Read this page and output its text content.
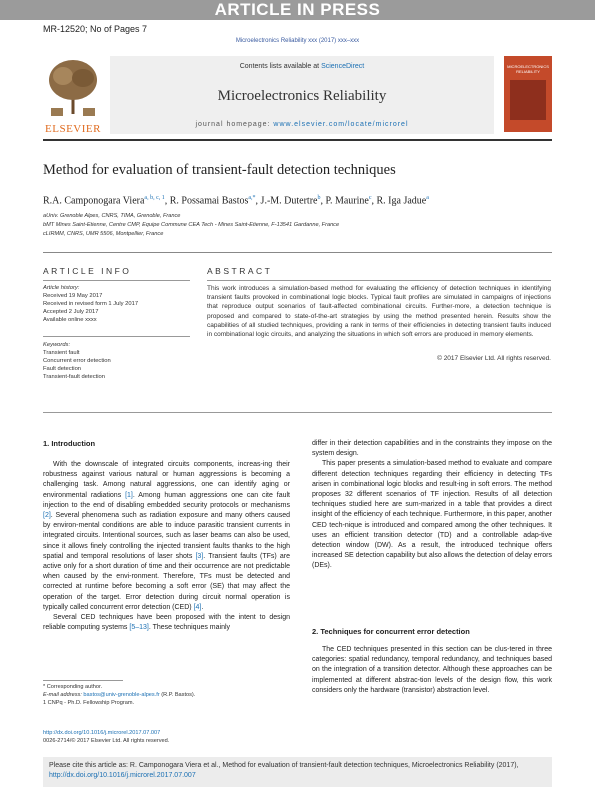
ARTICLE IN PRESS
MR-12520; No of Pages 7
Microelectronics Reliability xxx (2017) xxx–xxx
ELSEVIER
Contents lists available at ScienceDirect
Microelectronics Reliability
journal homepage: www.elsevier.com/locate/microrel
MICROELECTRONICS RELIABILITY
Method for evaluation of transient-fault detection techniques
R.A. Camponogara Viera$^{a, b, c, 1}$, R. Possamai Bastos$^{a,*}$, J.-M. Dutertre$^b$, P. Maurine$^c$, R. Iga Jadue$^a$
aUniv. Grenoble Alpes, CNRS, TIMA, Grenoble, France
bMT Mines Saint-Etienne, Centre CMP, Equipe Commune CEA Tech - Mines Saint-Etienne, F-13541 Gardanne, France
cLIRMM, CNRS, UMR 5506, Montpellier, France
ARTICLE INFO
Article history:
Received 19 May 2017
Received in revised form 1 July 2017
Accepted 2 July 2017
Available online xxxx
Keywords:
Transient fault
Concurrent error detection
Fault detection
Transient-fault detection
ABSTRACT
This work introduces a simulation-based method for evaluating the efficiency of detection techniques in identifying transient faults provoked in combinational logic blocks. Typical fault profiles are simulated in campaigns of injections that reproduce output scenarios of fault-affected combinational circuits. Further-more, a detection technique is proposed and compared to state-of-the-art strategies by using the method presented herein. Results show the capabilities of all studied techniques, providing a rank in terms of their efficiencies in detecting transient faults induced in combinational logic circuits, and analyzing the situations in which soft errors are produced in memory elements.
© 2017 Elsevier Ltd. All rights reserved.
1. Introduction

With the downscale of integrated circuits components, increas-ing their robustness against various natural or human aggressions is becoming a challenging task. Among natural aggressions, one can identify aging or environmental radiations [1]. Among human aggressions one can cite fault injection to the end of disabling embedded security protocols or mechanisms [2]. Several phenomena such as radiation exposure and many others caused by environ-mental conditions are able to induce parasitic transient currents in integrated circuits. Intentional sources, such as laser beams can also be used, since it allows finely controlling the injected transient faults thanks to the high spatial and temporal resolutions of laser shots [3]. Transient faults (TFs) are active only for a short duration of time and their occurrence are not predictable when caused by the envi-ronment. Therefore, TFs must be detected and corrected at runtime before becoming a soft error (SE) that may affect the operation of the target. Error detection during circuit normal operation is typically called concurrent error detection (CED) [4].

Several CED techniques have been proposed with the intent to design reliable computing systems [5–13]. These techniques mainly

differ in their detection capabilities and in the constraints they impose on the system design.

This paper presents a simulation-based method to evaluate and compare different detection techniques regarding their efficiency in detecting TFs arisen in combinational logic blocks and result-ing in soft errors. The method proposes 32 different scenarios of TF injection. Results of all detection techniques studied here are sum-marized in a table that provides a direct insight of the efficiency of each technique. Furthermore, in this paper, another CED tech-nique is introduced and compared among the other techniques. It uses an efficient transition detector (TD) and a controllable adap-tive detection window (DW). As a result, the introduced technique offers increased SE detection capability but also allows the detection of delay errors (DEs).

2. Techniques for concurrent error detection

The CED techniques presented in this section can be clus-tered in three categories: spatial redundancy, temporal redundancy, and techniques based on the integration of a transition detector. Although these approaches can be implemented at different abstrac-tion levels of the design flow, this work considers only the hardware (transistor) abstraction level.

* Corresponding author.
E-mail address: bastos@univ-grenoble-alpes.fr (R.P. Bastos).
1 CNPq - Ph.D. Fellowship Program.
http://dx.doi.org/10.1016/j.microrel.2017.07.007
0026-2714/© 2017 Elsevier Ltd. All rights reserved.
Please cite this article as: R. Camponogara Viera et al., Method for evaluation of transient-fault detection techniques, Microelectronics Reliability (2017), http://dx.doi.org/10.1016/j.microrel.2017.07.007
